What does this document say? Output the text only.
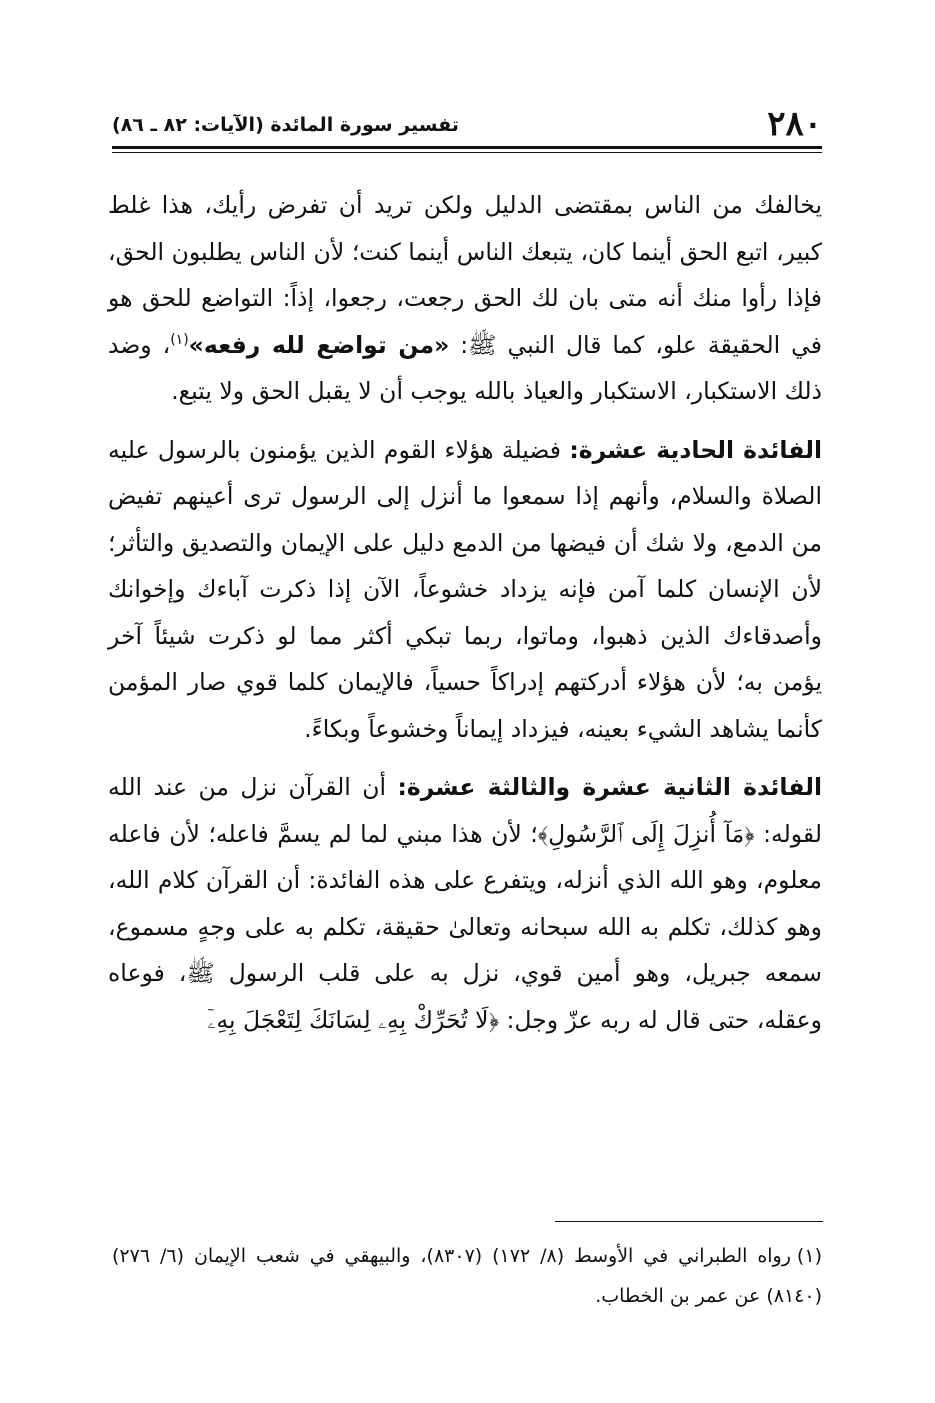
٢٨٠
تفسير سورة المائدة (الآيات: ٨٢ ـ ٨٦)

يخالفك من الناس بمقتضى الدليل ولكن تريد أن تفرض رأيك، هذا غلط كبير، اتبع الحق أينما كان، يتبعك الناس أينما كنت؛ لأن الناس يطلبون الحق، فإذا رأوا منك أنه متى بان لك الحق رجعت، رجعوا، إذاً: التواضع للحق هو في الحقيقة علو، كما قال النبي ﷺ: «من تواضع لله رفعه»$^{(١)}$، وضد ذلك الاستكبار، الاستكبار والعياذ بالله يوجب أن لا يقبل الحق ولا يتبع.

الفائدة الحادية عشرة: فضيلة هؤلاء القوم الذين يؤمنون بالرسول عليه الصلاة والسلام، وأنهم إذا سمعوا ما أنزل إلى الرسول ترى أعينهم تفيض من الدمع، ولا شك أن فيضها من الدمع دليل على الإيمان والتصديق والتأثر؛ لأن الإنسان كلما آمن فإنه يزداد خشوعاً، الآن إذا ذكرت آباءك وإخوانك وأصدقاءك الذين ذهبوا، وماتوا، ربما تبكي أكثر مما لو ذكرت شيئاً آخر يؤمن به؛ لأن هؤلاء أدركتهم إدراكاً حسياً، فالإيمان كلما قوي صار المؤمن كأنما يشاهد الشيء بعينه، فيزداد إيماناً وخشوعاً وبكاءً.

الفائدة الثانية عشرة والثالثة عشرة: أن القرآن نزل من عند الله لقوله: ﴿مَآ أُنزِلَ إِلَى ٱلرَّسُولِ﴾؛ لأن هذا مبني لما لم يسمَّ فاعله؛ لأن فاعله معلوم، وهو الله الذي أنزله، ويتفرع على هذه الفائدة: أن القرآن كلام الله، وهو كذلك، تكلم به الله سبحانه وتعالىٰ حقيقة، تكلم به على وجهٍ مسموع، سمعه جبريل، وهو أمين قوي، نزل به على قلب الرسول ﷺ، فوعاه وعقله، حتى قال له ربه عزّ وجل: ﴿لَا تُحَرِّكْ بِهِۦ لِسَانَكَ لِتَعْجَلَ بِهِۦٓ

(١)رواه الطبراني في الأوسط (٨/ ١٧٢) (٨٣٠٧)، والبيهقي في شعب الإيمان (٦/ ٢٧٦) (٨١٤٠) عن عمر بن الخطاب.
